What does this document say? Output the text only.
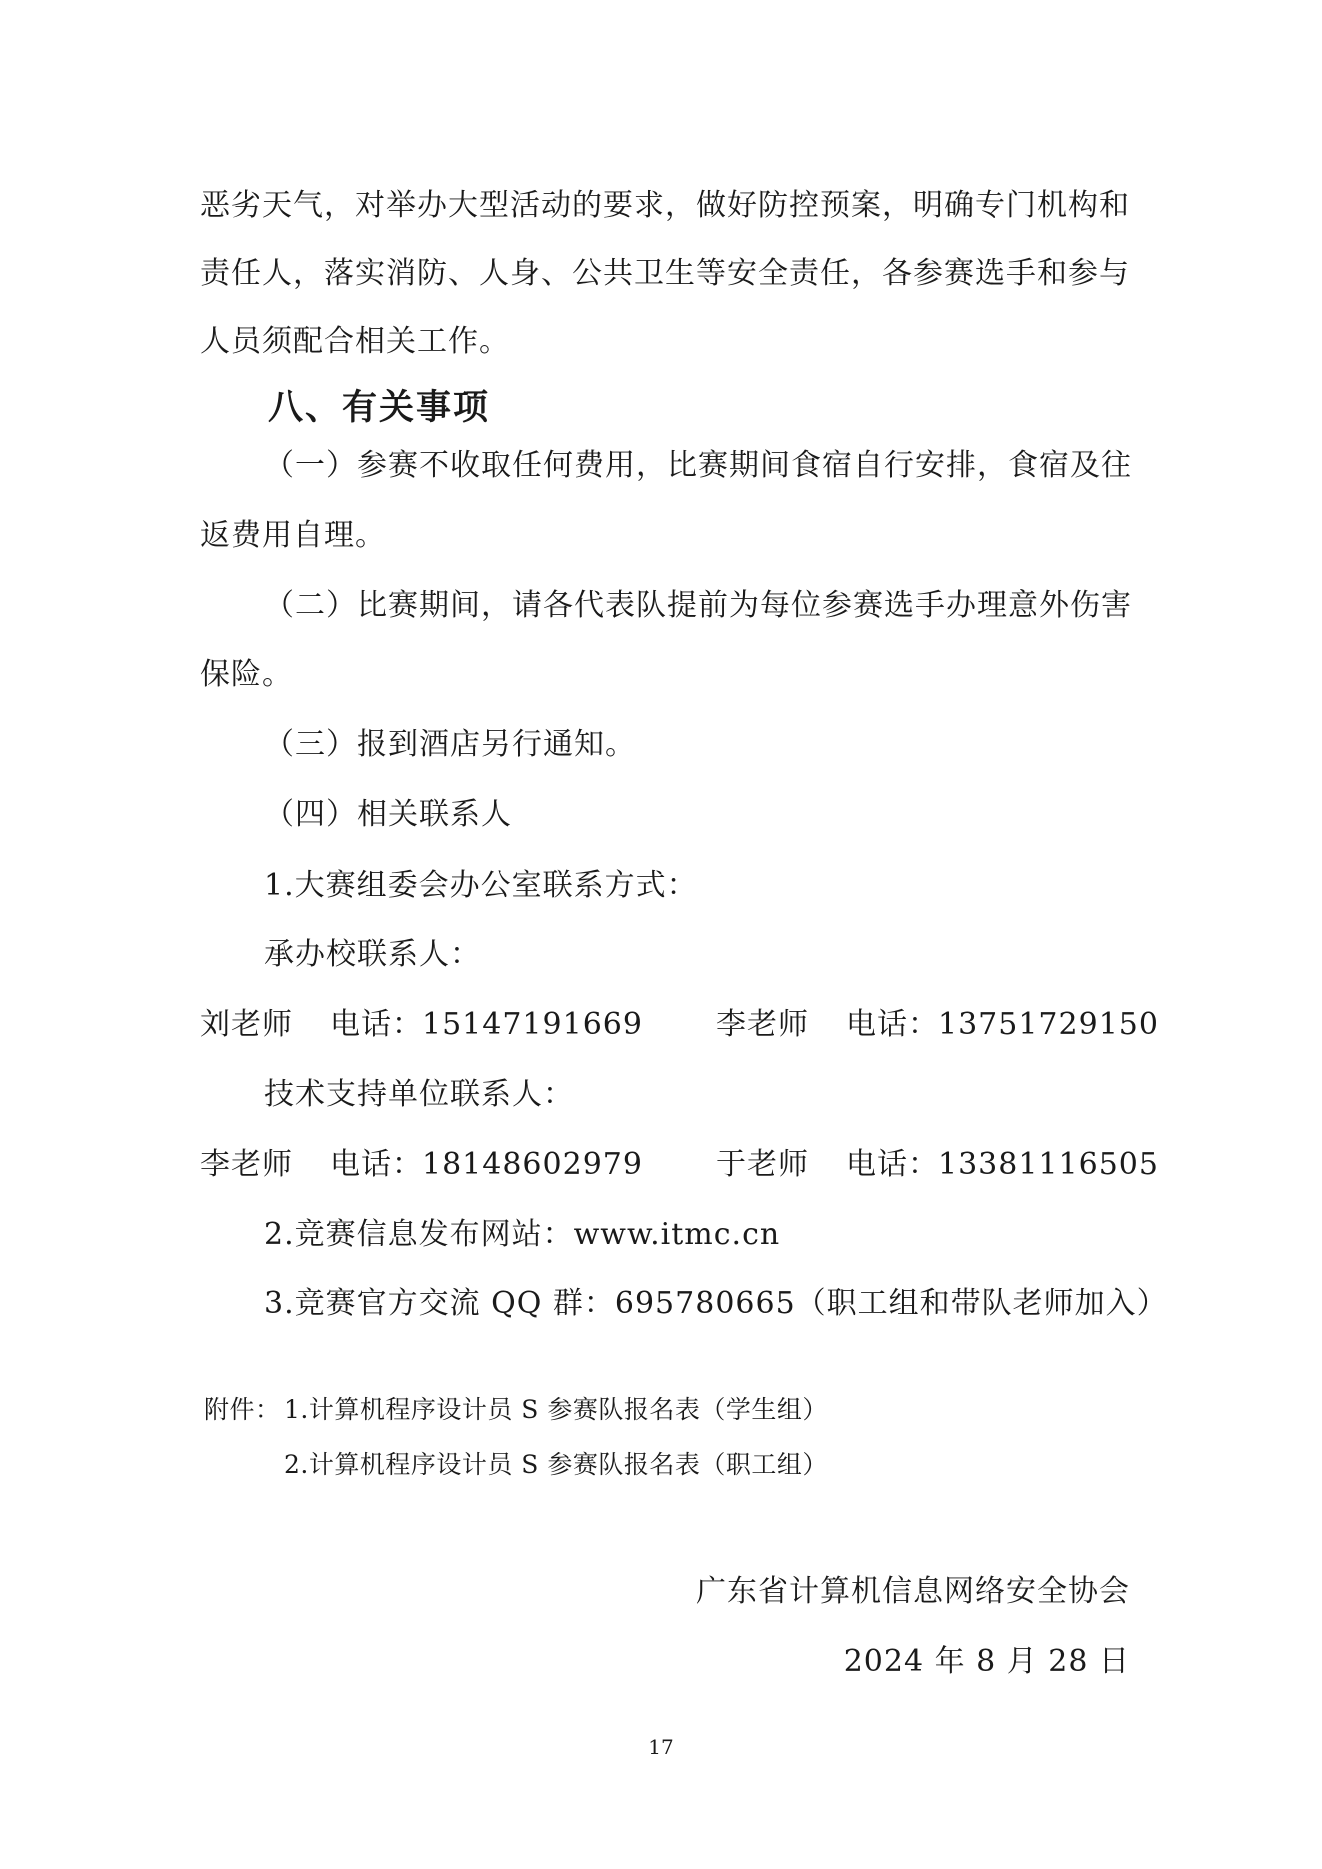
恶劣天气，对举办大型活动的要求，做好防控预案，明确专门机构和
责任人，落实消防、人身、公共卫生等安全责任，各参赛选手和参与
人员须配合相关工作。
八、有关事项
（一）参赛不收取任何费用，比赛期间食宿自行安排，食宿及往
返费用自理。
（二）比赛期间，请各代表队提前为每位参赛选手办理意外伤害
保险。
（三）报到酒店另行通知。
（四）相关联系人
1.大赛组委会办公室联系方式：
承办校联系人：
刘老师 电话： 15147191669 李老师 电话： 13751729150
技术支持单位联系人：
李老师 电话： 18148602979 于老师 电话： 13381116505
2.竞赛信息发布网站：www.itmc.cn
3.竞赛官方交流 QQ 群：695780665（职工组和带队老师加入）
附件： 1.计算机程序设计员 S 参赛队报名表（学生组）
2.计算机程序设计员 S 参赛队报名表（职工组）
广东省计算机信息网络安全协会
2024 年 8 月 28 日
17
